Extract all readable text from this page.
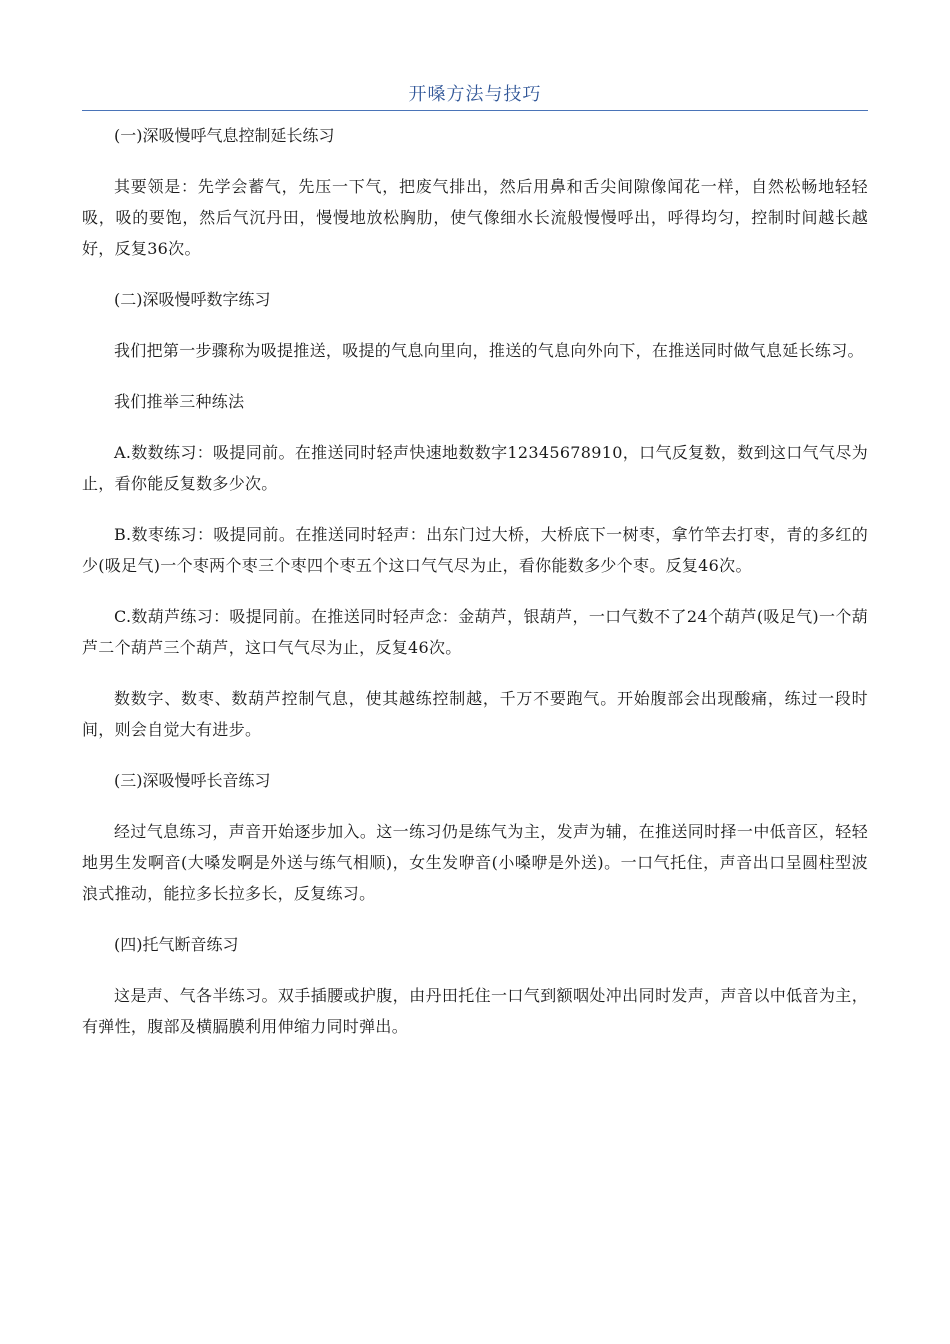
开嗓方法与技巧

(一)深吸慢呼气息控制延长练习

其要领是：先学会蓄气，先压一下气，把废气排出，然后用鼻和舌尖间隙像闻花一样，自然松畅地轻轻吸，吸的要饱，然后气沉丹田，慢慢地放松胸肋，使气像细水长流般慢慢呼出，呼得均匀，控制时间越长越好，反复36次。

(二)深吸慢呼数字练习

我们把第一步骤称为吸提推送，吸提的气息向里向，推送的气息向外向下，在推送同时做气息延长练习。

我们推举三种练法

A.数数练习：吸提同前。在推送同时轻声快速地数数字12345678910，口气反复数，数到这口气气尽为止，看你能反复数多少次。

B.数枣练习：吸提同前。在推送同时轻声：出东门过大桥，大桥底下一树枣，拿竹竿去打枣，青的多红的少(吸足气)一个枣两个枣三个枣四个枣五个这口气气尽为止，看你能数多少个枣。反复46次。

C.数葫芦练习：吸提同前。在推送同时轻声念：金葫芦，银葫芦，一口气数不了24个葫芦(吸足气)一个葫芦二个葫芦三个葫芦，这口气气尽为止，反复46次。

数数字、数枣、数葫芦控制气息，使其越练控制越，千万不要跑气。开始腹部会出现酸痛，练过一段时间，则会自觉大有进步。

(三)深吸慢呼长音练习

经过气息练习，声音开始逐步加入。这一练习仍是练气为主，发声为辅，在推送同时择一中低音区，轻轻地男生发啊音(大嗓发啊是外送与练气相顺)，女生发咿音(小嗓咿是外送)。一口气托住，声音出口呈圆柱型波浪式推动，能拉多长拉多长，反复练习。

(四)托气断音练习

这是声、气各半练习。双手插腰或护腹，由丹田托住一口气到额咽处冲出同时发声，声音以中低音为主，有弹性，腹部及横膈膜利用伸缩力同时弹出。
